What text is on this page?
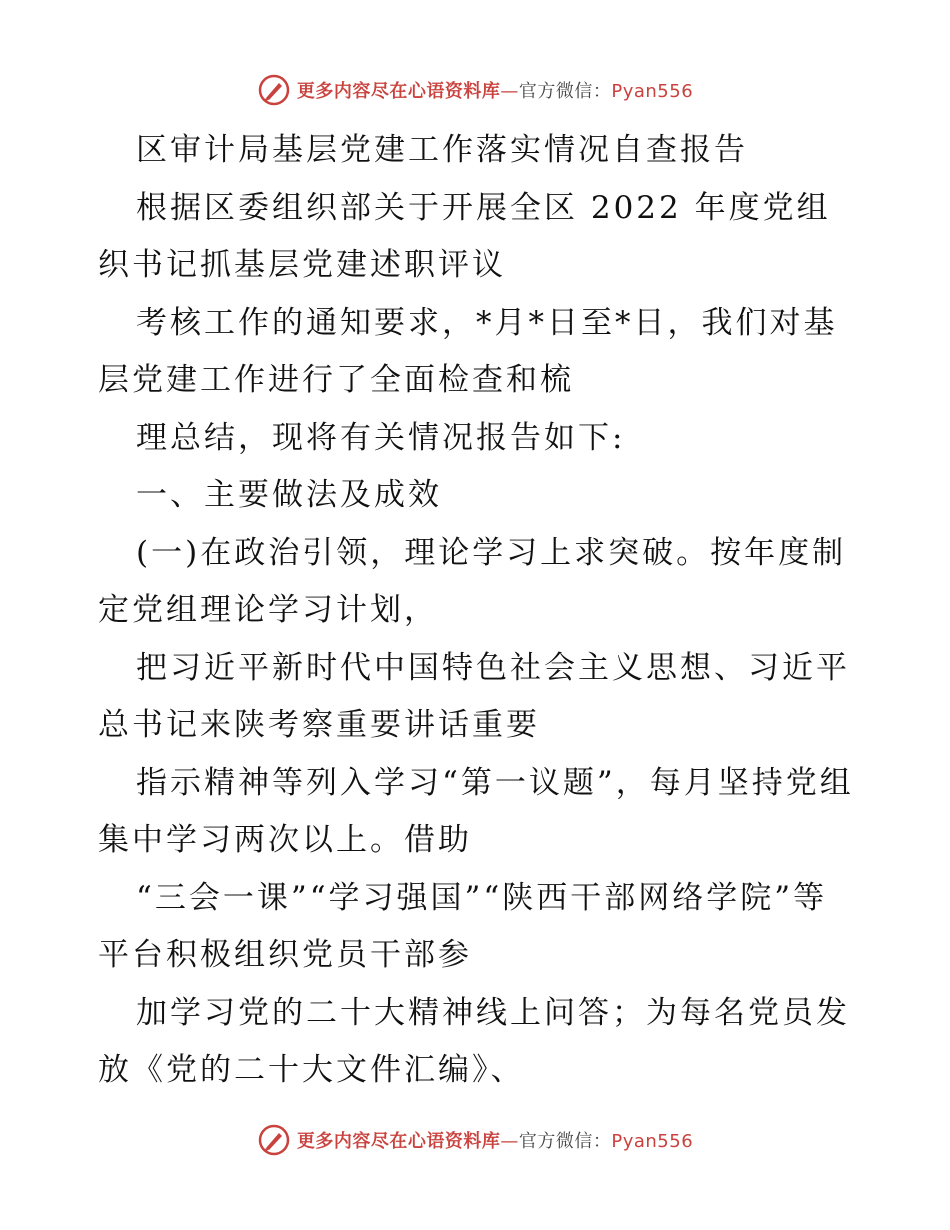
更多内容尽在心语资料库—官方微信：Pyan556

区审计局基层党建工作落实情况自查报告

根据区委组织部关于开展全区 2022 年度党组织书记抓基层党建述职评议

考核工作的通知要求，*月*日至*日，我们对基层党建工作进行了全面检查和梳

理总结，现将有关情况报告如下:

一、主要做法及成效

(一)在政治引领，理论学习上求突破。按年度制定党组理论学习计划，

把习近平新时代中国特色社会主义思想、习近平总书记来陕考察重要讲话重要

指示精神等列入学习“第一议题”，每月坚持党组集中学习两次以上。借助

“三会一课”“学习强国”“陕西干部网络学院”等平台积极组织党员干部参

加学习党的二十大精神线上问答；为每名党员发放《党的二十大文件汇编》、

更多内容尽在心语资料库—官方微信：Pyan556
